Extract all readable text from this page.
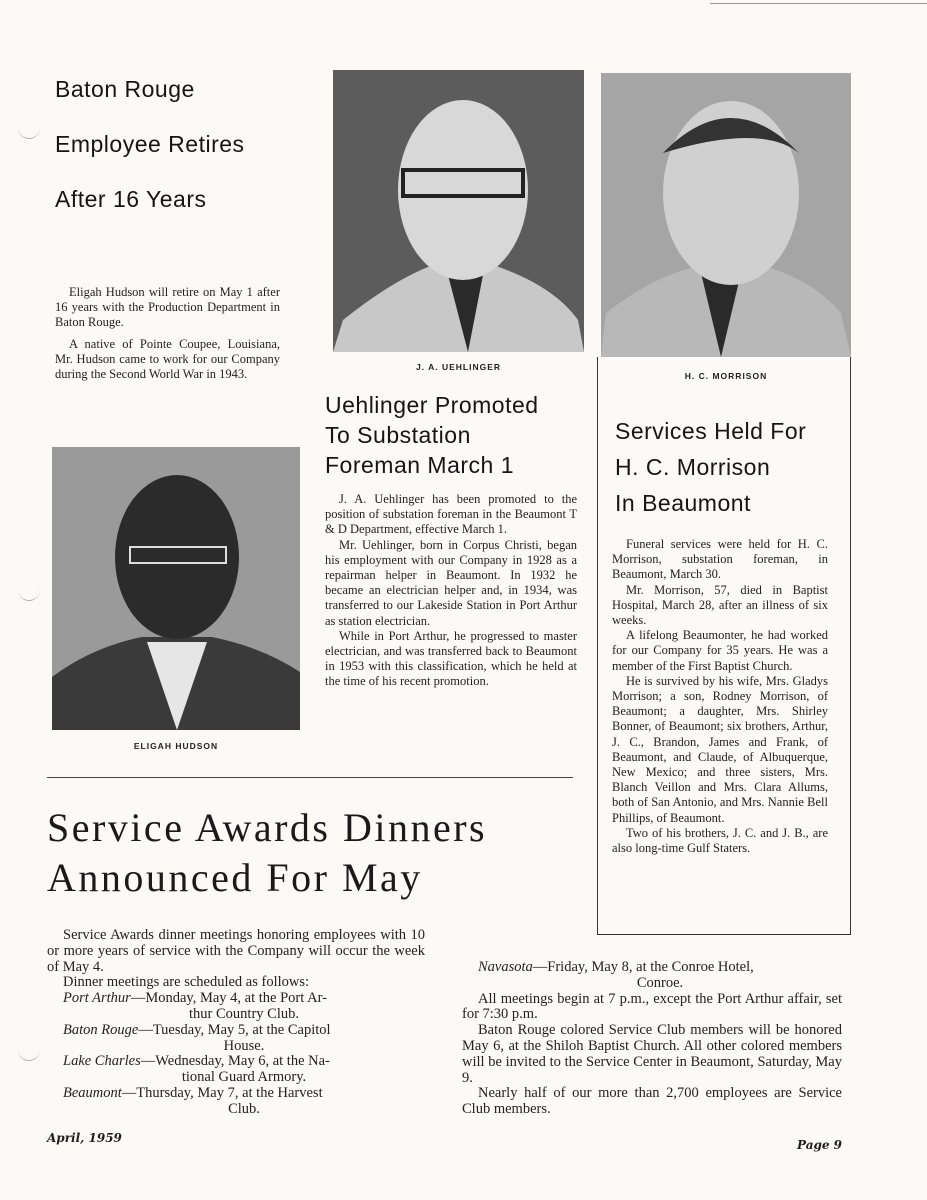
Baton Rouge
Employee Retires
After 16 Years

Eligah Hudson will retire on May 1 after 16 years with the Production Department in Baton Rouge.

A native of Pointe Coupee, Louisiana, Mr. Hudson came to work for our Company during the Second World War in 1943.

ELIGAH HUDSON
J. A. UEHLINGER
Uehlinger Promoted
To Substation
Foreman March 1

J. A. Uehlinger has been promoted to the position of substation foreman in the Beaumont T & D Department, effective March 1.

Mr. Uehlinger, born in Corpus Christi, began his employment with our Company in 1928 as a repairman helper in Beaumont. In 1932 he became an electrician helper and, in 1934, was transferred to our Lakeside Station in Port Arthur as station electrician.

While in Port Arthur, he progressed to master electrician, and was transferred back to Beaumont in 1953 with this classification, which he held at the time of his recent promotion.

H. C. MORRISON
Services Held For
H. C. Morrison
In Beaumont

Funeral services were held for H. C. Morrison, substation foreman, in Beaumont, March 30.

Mr. Morrison, 57, died in Baptist Hospital, March 28, after an illness of six weeks.

A lifelong Beaumonter, he had worked for our Company for 35 years. He was a member of the First Baptist Church.

He is survived by his wife, Mrs. Gladys Morrison; a son, Rodney Morrison, of Beaumont; a daughter, Mrs. Shirley Bonner, of Beaumont; six brothers, Arthur, J. C., Brandon, James and Frank, of Beaumont, and Claude, of Albuquerque, New Mexico; and three sisters, Mrs. Blanch Veillon and Mrs. Clara Allums, both of San Antonio, and Mrs. Nannie Bell Phillips, of Beaumont.

Two of his brothers, J. C. and J. B., are also long-time Gulf Staters.

Service Awards Dinners
Announced For May

Service Awards dinner meetings honoring employees with 10 or more years of service with the Company will occur the week of May 4.

Dinner meetings are scheduled as follows:

Port Arthur—Monday, May 4, at the Port Ar-
thur Country Club.

Baton Rouge—Tuesday, May 5, at the Capitol
House.

Lake Charles—Wednesday, May 6, at the Na-
tional Guard Armory.

Beaumont—Thursday, May 7, at the Harvest
Club.

Navasota—Friday, May 8, at the Conroe Hotel,
Conroe.

All meetings begin at 7 p.m., except the Port Arthur affair, set for 7:30 p.m.

Baton Rouge colored Service Club members will be honored May 6, at the Shiloh Baptist Church. All other colored members will be invited to the Service Center in Beaumont, Saturday, May 9.

Nearly half of our more than 2,700 employees are Service Club members.

April, 1959	Page 9
